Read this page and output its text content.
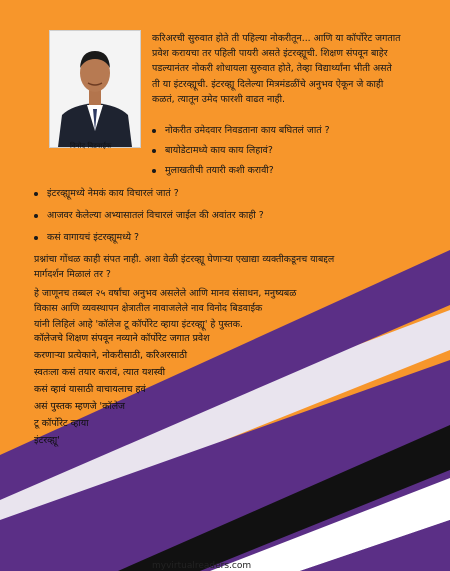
विनोद बिडवाईक
करिअरची सुरुवात होते ती पहिल्या नोकरीतून... आणि या कॉर्पोरेट जगतात
प्रवेश करायचा तर पहिली पायरी असते इंटरव्ह्यूची. शिक्षण संपवून बाहेर
पडल्यानंतर नोकरी शोधायला सुरुवात होते, तेव्हा विद्यार्थ्यांना भीती असते
ती या इंटरव्ह्यूची. इंटरव्ह्यू दिलेल्या मित्रमंडळींचे अनुभव ऐकून जे काही
कळतं, त्यातून उमेद फारशी वाढत नाही.
नोकरीत उमेदवार निवडताना काय बघितलं जातं ?
बायोडेटामध्ये काय काय लिहावं?
मुलाखतीची तयारी कशी करावी?
इंटरव्ह्यूमध्ये नेमकं काय विचारलं जातं ?
आजवर केलेल्या अभ्यासातलं विचारलं जाईल की अवांतर काही ?
कसं वागायचं इंटरव्ह्यूमध्ये ?
प्रश्नांचा गोंधळ काही संपत नाही. अशा वेळी इंटरव्ह्यू घेणाऱ्या एखाद्या व्यक्तीकडूनच याबद्दल
मार्गदर्शन मिळालं तर ?
हे जाणूनच तब्बल २५ वर्षांचा अनुभव असलेले आणि मानव संसाधन, मनुष्यबळ
विकास आणि व्यवस्थापन क्षेत्रातील नावाजलेले नाव विनोद बिडवाईक
यांनी लिहिलं आहे 'कॉलेज टू कॉर्पोरेट व्हाया इंटरव्ह्यू' हे पुस्तक.
कॉलेजचे शिक्षण संपवून नव्याने कॉर्पोरेट जगात प्रवेश
करणाऱ्या प्रत्येकाने, नोकरीसाठी, करिअरसाठी
स्वतःला कसं तयार करावं, त्यात यशस्वी
कसं व्हावं यासाठी वाचायलाच हवं
असं पुस्तक म्हणजे 'कॉलेज
टू कॉर्पोरेट व्हाया
इंटरव्ह्यू'
myvirtualreaders.com
